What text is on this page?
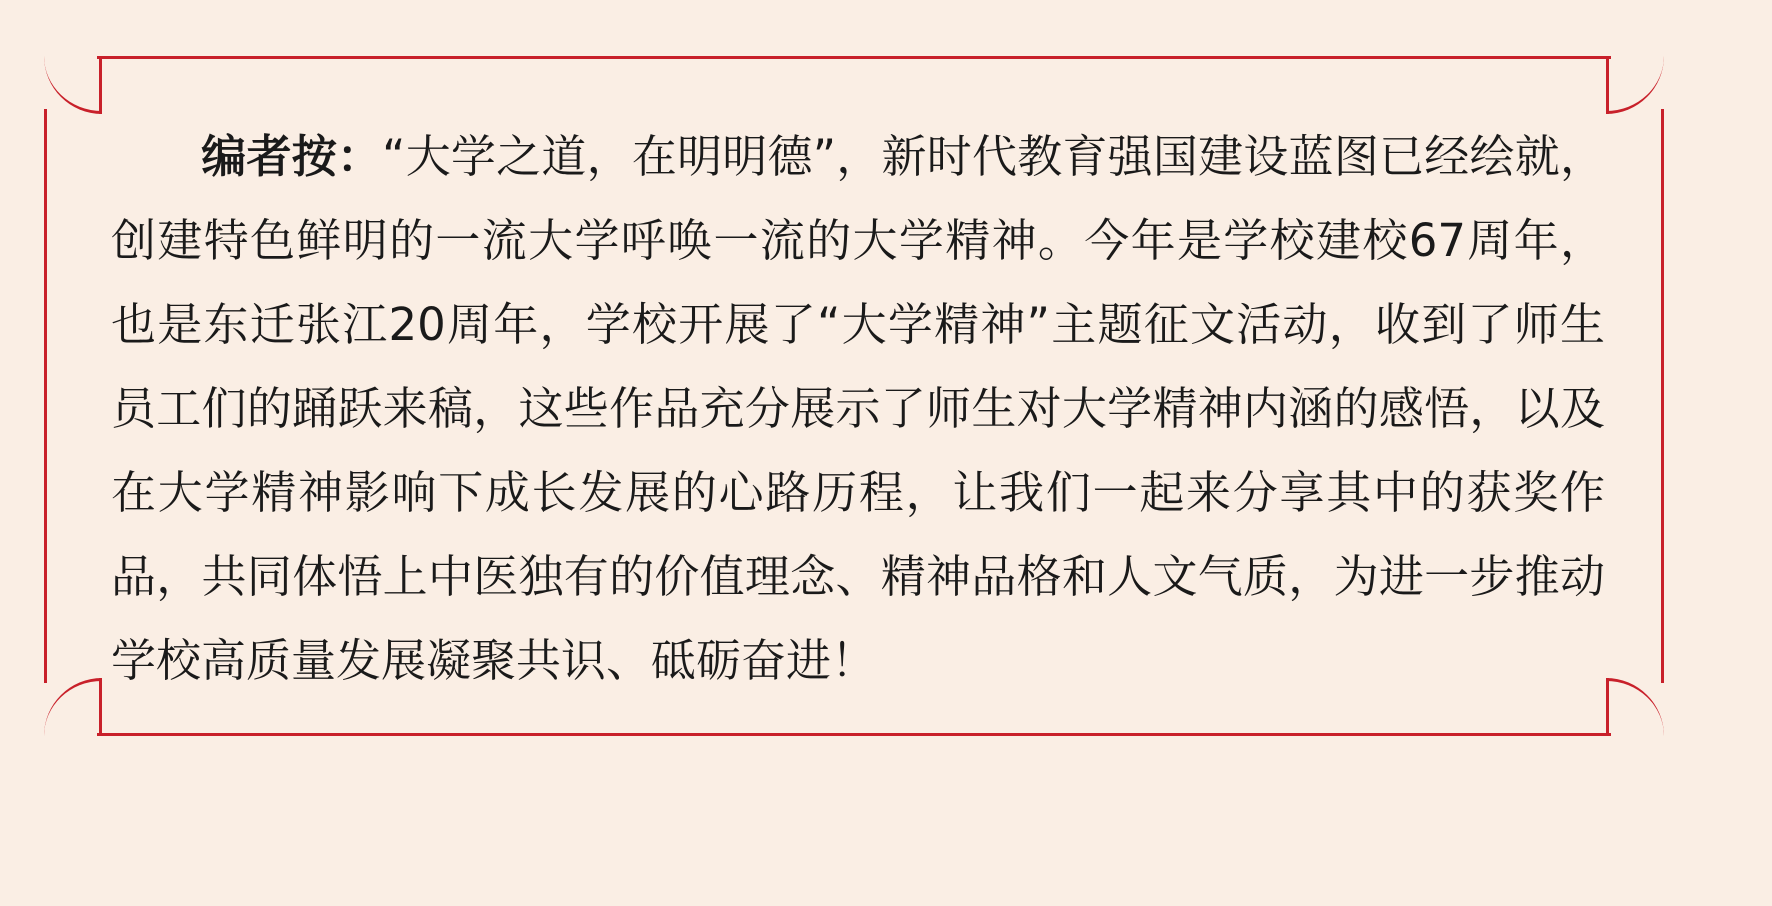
编者按：“大学之道，在明明德”，新时代教育强国建设蓝图已经绘就，创建特色鲜明的一流大学呼唤一流的大学精神。今年是学校建校67周年，也是东迁张江20周年，学校开展了“大学精神”主题征文活动，收到了师生员工们的踊跃来稿，这些作品充分展示了师生对大学精神内涵的感悟，以及在大学精神影响下成长发展的心路历程，让我们一起来分享其中的获奖作品，共同体悟上中医独有的价值理念、精神品格和人文气质，为进一步推动学校高质量发展凝聚共识、砥砺奋进！
